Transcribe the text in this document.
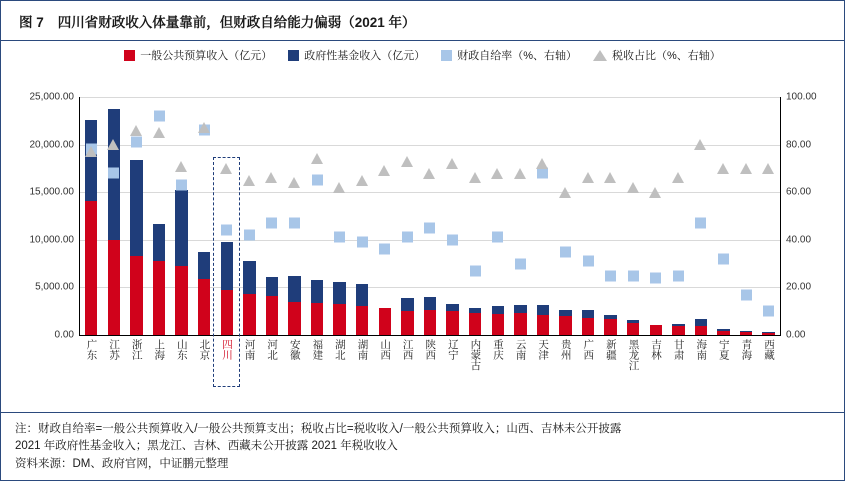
图 7 四川省财政收入体量靠前，但财政自给能力偏弱（2021 年）
一般公共预算收入（亿元）	政府性基金收入（亿元）	财政自给率（%、右轴）	税收占比（%、右轴）
0.00	0.00
5,000.00	20.00
10,000.00	40.00
15,000.00	60.00
20,000.00	80.00
25,000.00	100.00
广东 江苏 浙江 上海 山东 北京 四川 河南 河北 安徽 福建 湖北 湖南 山西 江西 陕西 辽宁 内蒙古 重庆 云南 天津 贵州 广西 新疆 黑龙江 吉林 甘肃 海南 宁夏 青海 西藏
注：财政自给率=一般公共预算收入/一般公共预算支出；税收占比=税收收入/一般公共预算收入；山西、吉林未公开披露
2021 年政府性基金收入；黑龙江、吉林、西藏未公开披露 2021 年税收收入
资料来源：DM、政府官网，中证鹏元整理
